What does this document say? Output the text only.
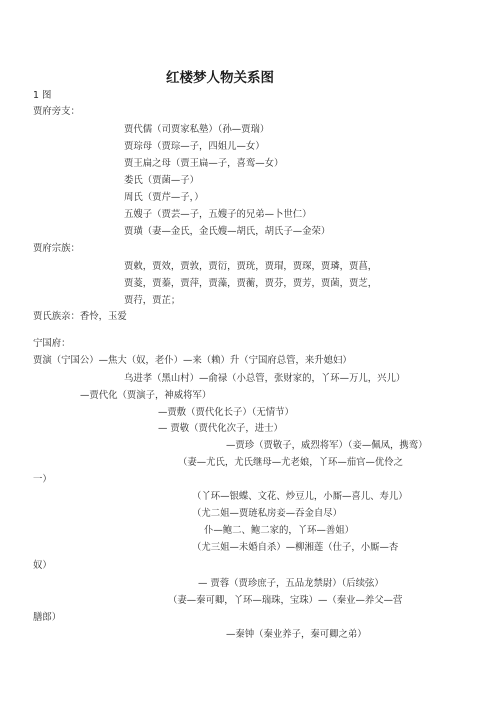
红楼梦人物关系图
1 图
贾府旁支：
贾代儒（司贾家私塾）（孙—贾瑞）
贾琮母（贾琮—子，四姐儿—女）
贾王扁之母（贾王扁—子，喜鸾—女）
娄氏（贾菌—子）
周氏（贾芹—子，）
五嫂子（贾芸—子，五嫂子的兄弟—卜世仁）
贾璜（妻—金氏，金氏嫂—胡氏，胡氏子—金荣）
贾府宗族：
贾敕，贾效，贾敦，贾衍，贾珖，贾瑁，贾琛，贾璘，贾菖，
贾菱，贾蓁，贾萍，贾藻，贾蘅，贾芬，贾芳，贾菌，贾芝，
贾荇，贾芷；
贾氏族亲：香怜，玉爱
宁国府：
贾演（宁国公）—焦大（奴，老仆）—来（赖）升（宁国府总管，来升媳妇）
乌进孝（黑山村）—俞禄（小总管，张财家的，丫环—万儿，兴儿）
—贾代化（贾演子，神威将军）
—贾敷（贾代化长子）（无情节）
— 贾敬（贾代化次子，进士）
—贾珍（贾敬子，威烈将军）（妾—佩凤，携鸾）
（妻—尤氏，尤氏继母—尤老娘，丫环—茄官—优伶之
一）
（丫环—银蝶、文花、炒豆儿，小厮—喜儿、寿儿）
（尤二姐—贾琏私房妾—吞金自尽）
仆—鲍二、鲍二家的，丫环—善姐）
（尤三姐—未婚自杀）—柳湘莲（仕子，小厮—杏
奴）
— 贾蓉（贾珍庶子，五品龙禁尉）（后续弦）
（妻—秦可卿，丫环—瑞珠，宝珠）—（秦业—养父—营
膳郎）
—秦钟（秦业养子，秦可卿之弟）
